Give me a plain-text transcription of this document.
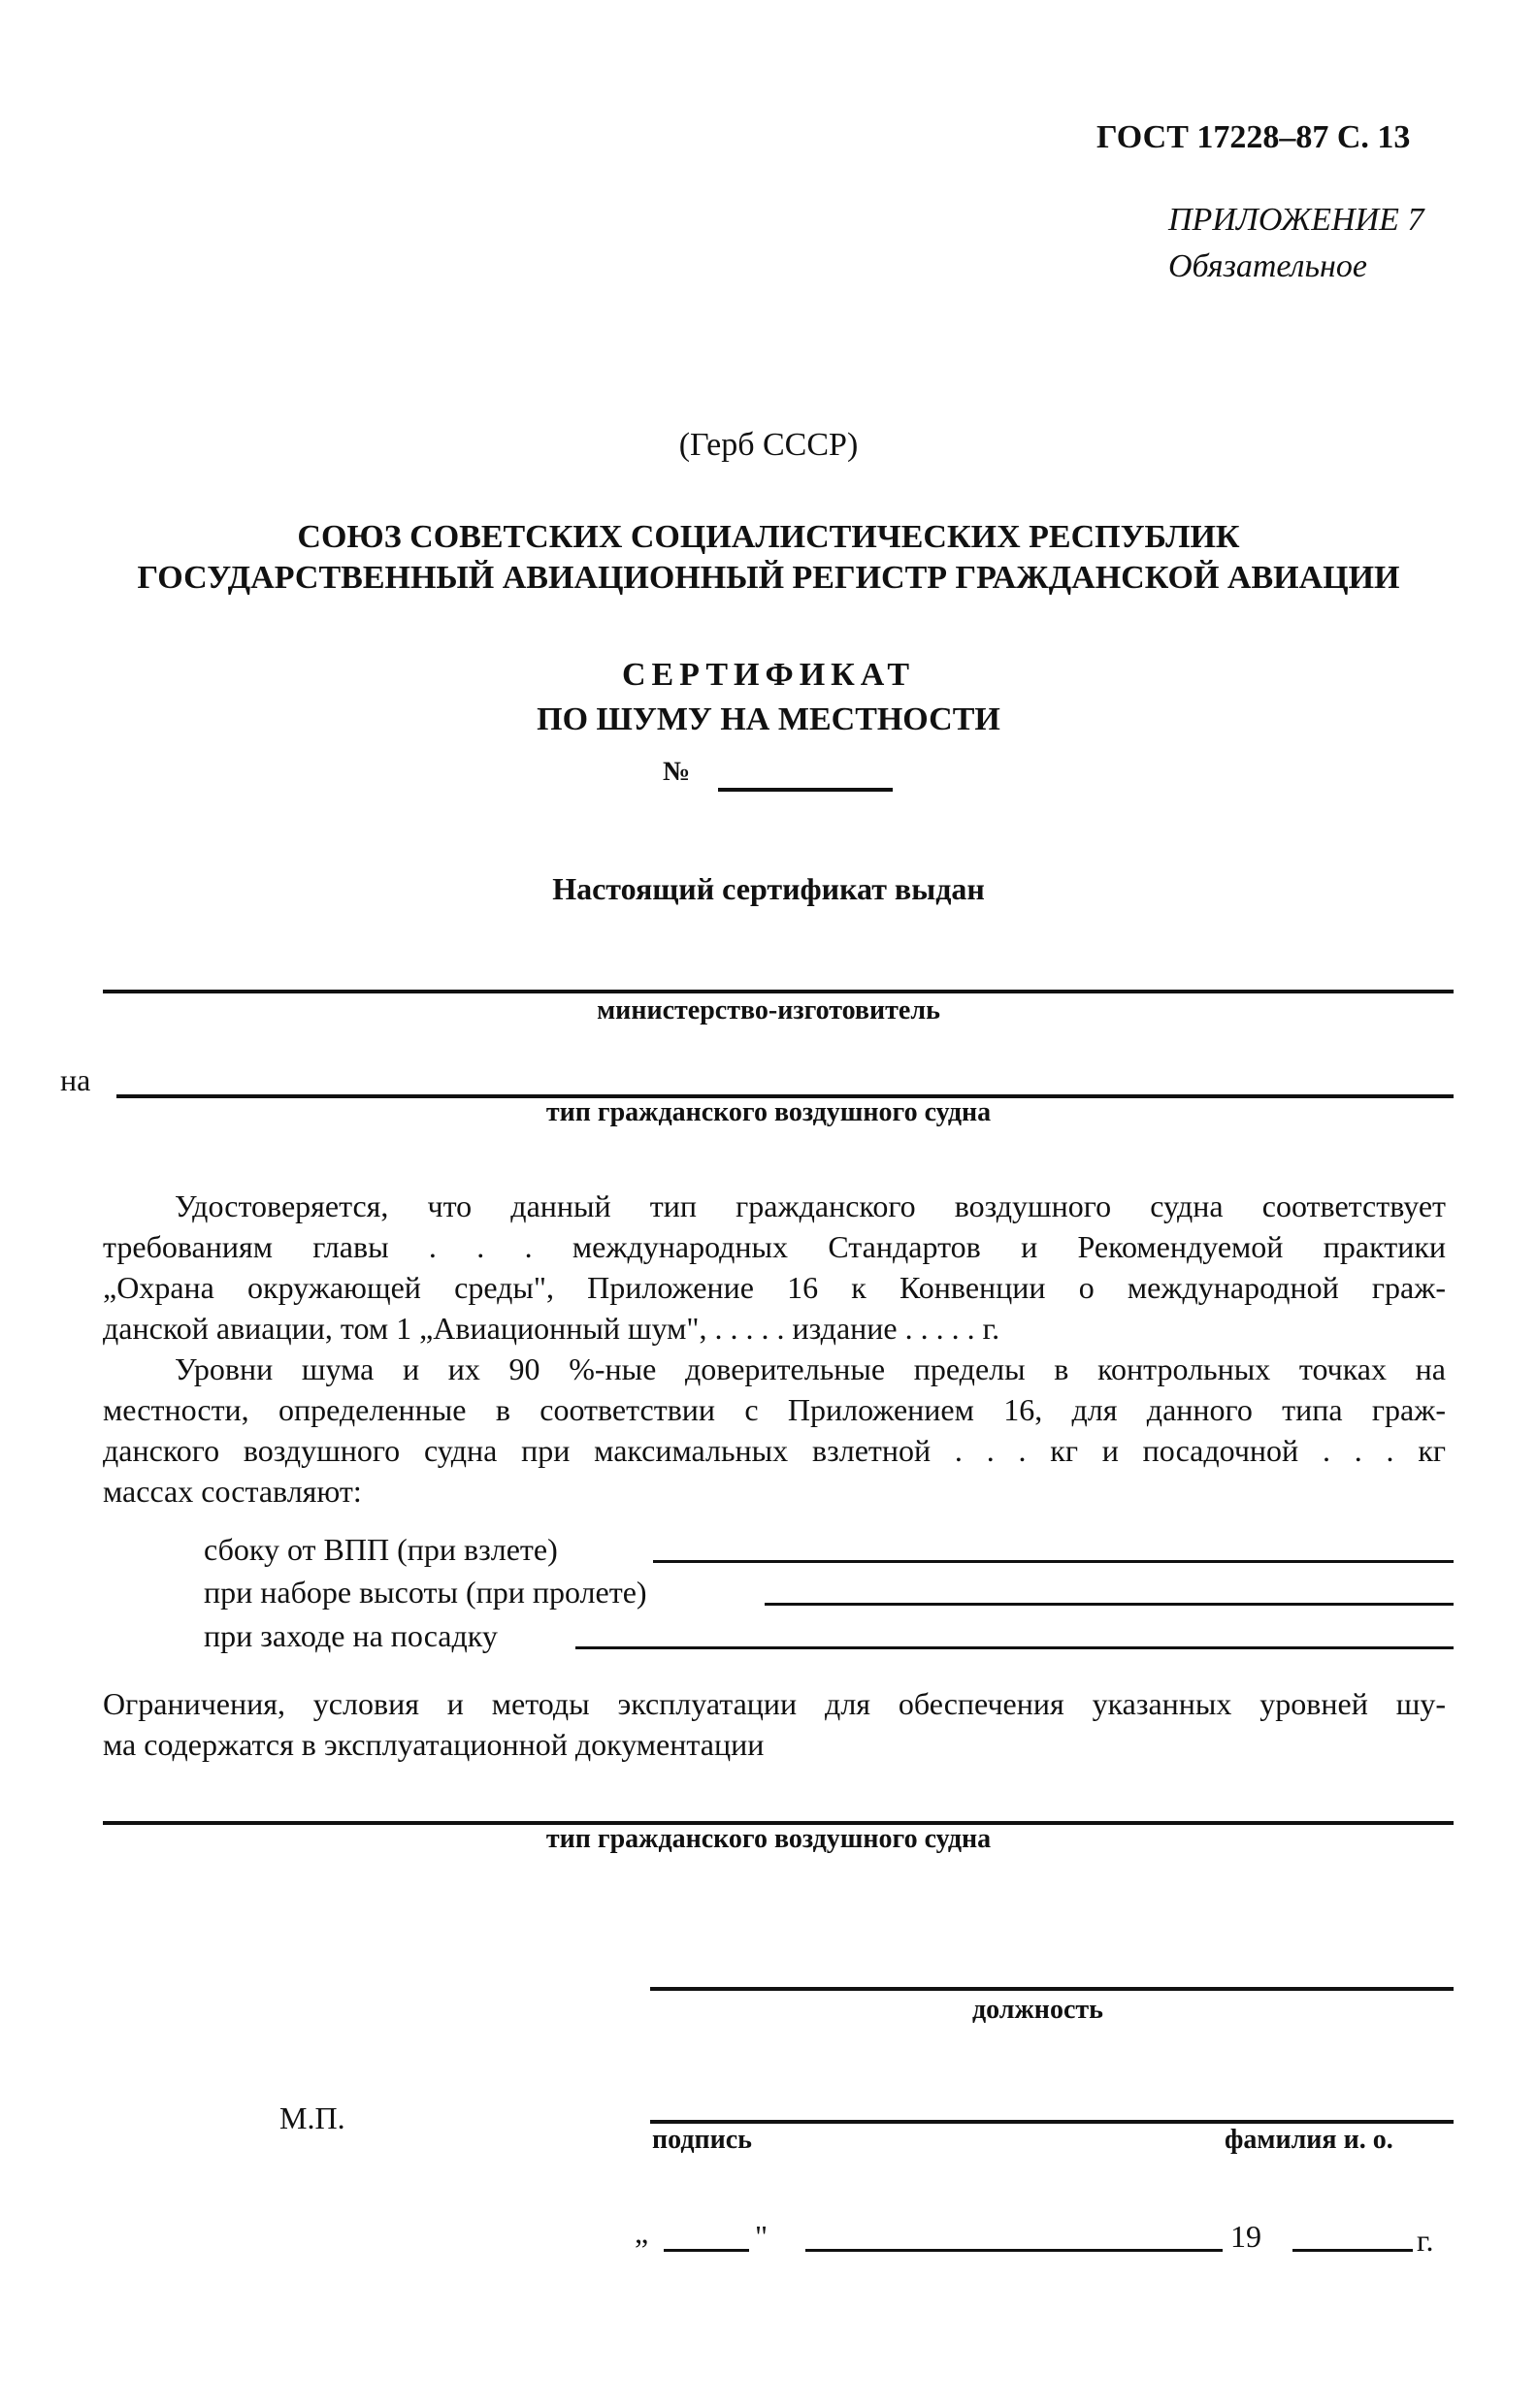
ГОСТ 17228–87 С. 13
ПРИЛОЖЕНИЕ 7
Обязательное
(Герб СССР)
СОЮЗ СОВЕТСКИХ СОЦИАЛИСТИЧЕСКИХ РЕСПУБЛИК
ГОСУДАРСТВЕННЫЙ АВИАЦИОННЫЙ РЕГИСТР ГРАЖДАНСКОЙ АВИАЦИИ
СЕРТИФИКАТ
ПО ШУМУ НА МЕСТНОСТИ
№
Настоящий сертификат выдан
министерство-изготовитель
на
тип гражданского воздушного судна
Удостоверяется, что данный тип гражданского воздушного судна соответствует
требованиям главы . . . международных Стандартов и Рекомендуемой практики
„Охрана окружающей среды", Приложение 16 к Конвенции о международной граж-
данской авиации, том 1 „Авиационный шум", . . . . . издание . . . . . г.
Уровни шума и их 90 %-ные доверительные пределы в контрольных точках на
местности, определенные в соответствии с Приложением 16, для данного типа граж-
данского воздушного судна при максимальных взлетной . . . кг и посадочной . . . кг
массах составляют:
сбоку от ВПП (при взлете)
при наборе высоты (при пролете)
при заходе на посадку
Ограничения, условия и методы эксплуатации для обеспечения указанных уровней шу-
ма содержатся в эксплуатационной документации
тип гражданского воздушного судна
должность
М.П.
подпись	фамилия и. о.
„	"	19	г.
